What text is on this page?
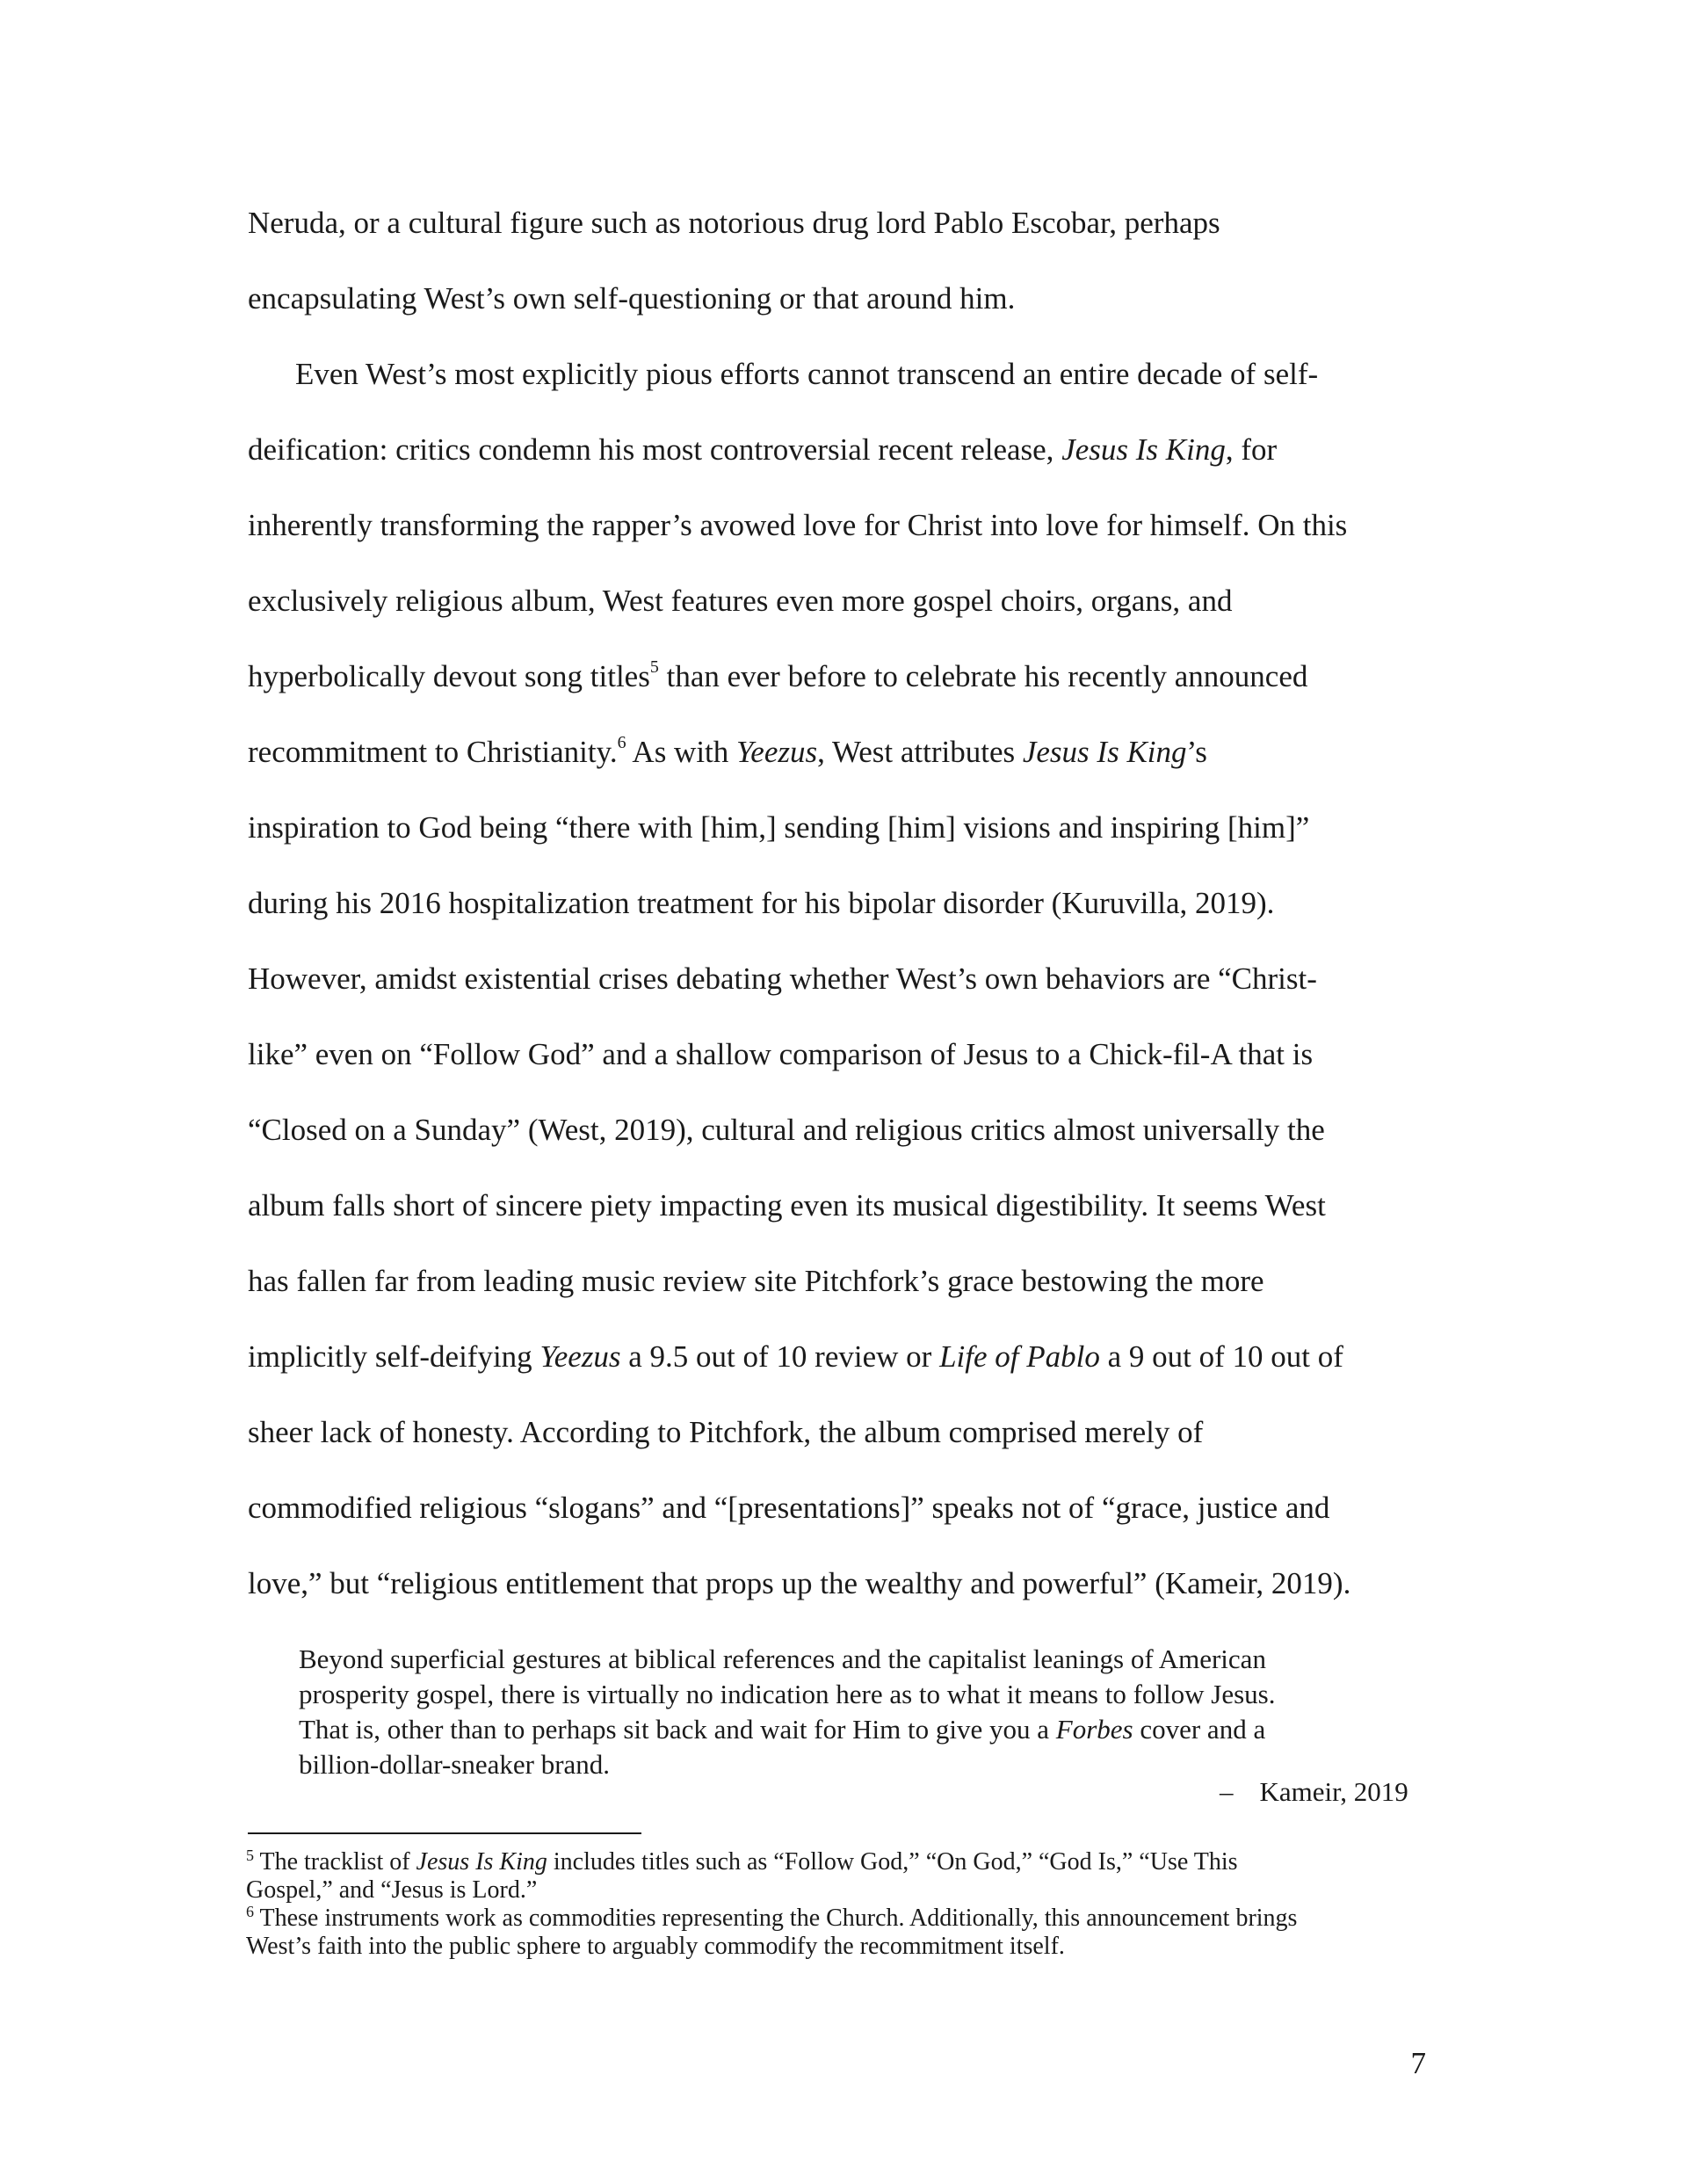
Neruda, or a cultural figure such as notorious drug lord Pablo Escobar, perhaps
encapsulating West’s own self-questioning or that around him.
Even West’s most explicitly pious efforts cannot transcend an entire decade of self-
deification: critics condemn his most controversial recent release, Jesus Is King, for
inherently transforming the rapper’s avowed love for Christ into love for himself. On this
exclusively religious album, West features even more gospel choirs, organs, and
hyperbolically devout song titles$^5$ than ever before to celebrate his recently announced
recommitment to Christianity.$^6$ As with Yeezus, West attributes Jesus Is King’s
inspiration to God being “there with [him,] sending [him] visions and inspiring [him]”
during his 2016 hospitalization treatment for his bipolar disorder (Kuruvilla, 2019).
However, amidst existential crises debating whether West’s own behaviors are “Christ-
like” even on “Follow God” and a shallow comparison of Jesus to a Chick-fil-A that is
“Closed on a Sunday” (West, 2019), cultural and religious critics almost universally the
album falls short of sincere piety impacting even its musical digestibility. It seems West
has fallen far from leading music review site Pitchfork’s grace bestowing the more
implicitly self-deifying Yeezus a 9.5 out of 10 review or Life of Pablo a 9 out of 10 out of
sheer lack of honesty. According to Pitchfork, the album comprised merely of
commodified religious “slogans” and “[presentations]” speaks not of “grace, justice and
love,” but “religious entitlement that props up the wealthy and powerful” (Kameir, 2019).
Beyond superficial gestures at biblical references and the capitalist leanings of American
prosperity gospel, there is virtually no indication here as to what it means to follow Jesus.
That is, other than to perhaps sit back and wait for Him to give you a Forbes cover and a
billion-dollar-sneaker brand.
– Kameir, 2019
$^5$ The tracklist of Jesus Is King includes titles such as “Follow God,” “On God,” “God Is,” “Use This
Gospel,” and “Jesus is Lord.”
$^6$ These instruments work as commodities representing the Church. Additionally, this announcement brings
West’s faith into the public sphere to arguably commodify the recommitment itself.
7
